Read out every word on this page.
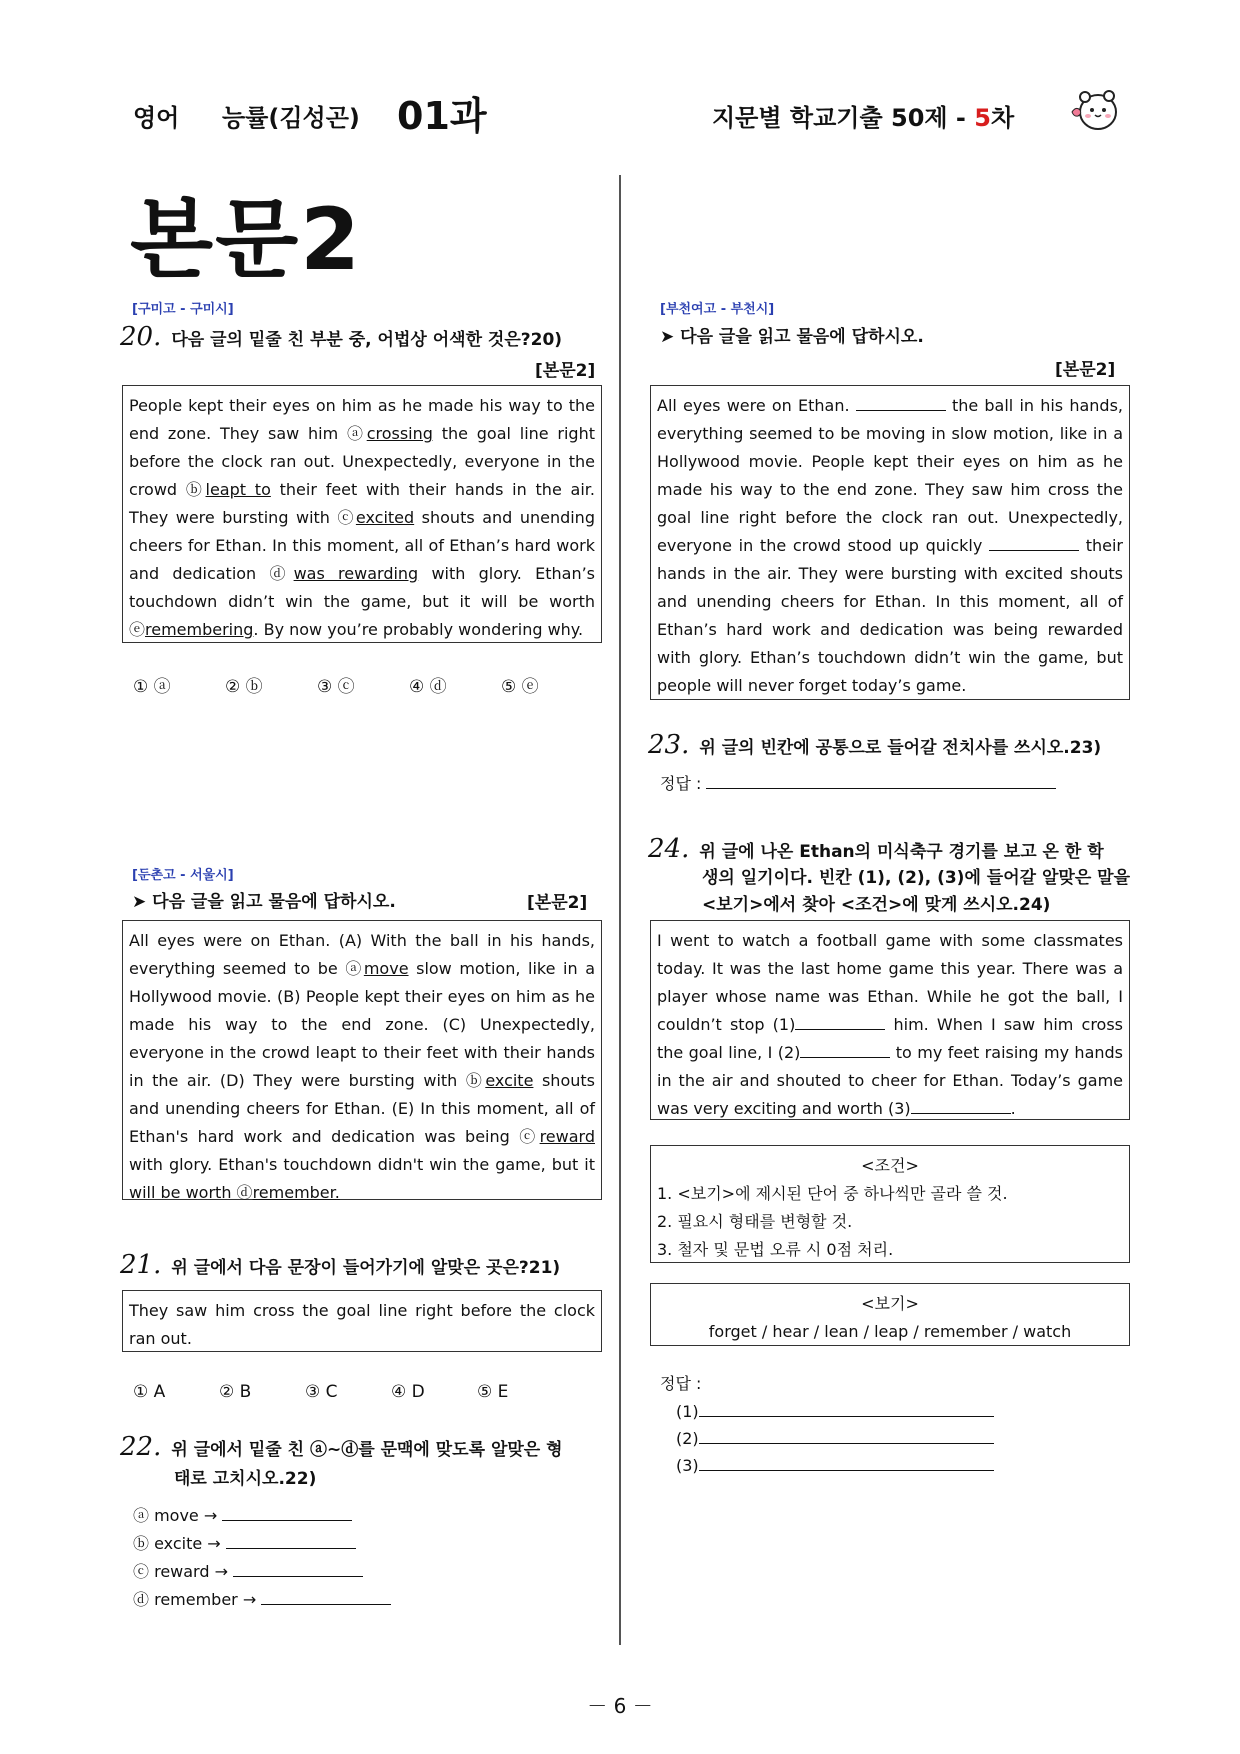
영어 능률(김성곤) 01과	지문별 학교기출 50제 - 5차
본문2
[구미고 - 구미시]
20. 다음 글의 밑줄 친 부분 중, 어법상 어색한 것은?20)
[본문2]
People kept their eyes on him as he made his way to the end zone. They saw him ⓐcrossing the goal line right before the clock ran out. Unexpectedly, everyone in the crowd ⓑleapt to their feet with their hands in the air. They were bursting with ⓒexcited shouts and unending cheers for Ethan. In this moment, all of Ethan’s hard work and dedication ⓓwas rewarding with glory. Ethan’s touchdown didn’t win the game, but it will be worth ⓔremembering. By now you’re probably wondering why.
① ⓐ	② ⓑ	③ ⓒ	④ ⓓ	⑤ ⓔ
[둔촌고 - 서울시]
➤ 다음 글을 읽고 물음에 답하시오.	[본문2]
All eyes were on Ethan. (A) With the ball in his hands, everything seemed to be ⓐmove slow motion, like in a Hollywood movie. (B) People kept their eyes on him as he made his way to the end zone. (C) Unexpectedly, everyone in the crowd leapt to their feet with their hands in the air. (D) They were bursting with ⓑexcite shouts and unending cheers for Ethan. (E) In this moment, all of Ethan's hard work and dedication was being ⓒreward with glory. Ethan's touchdown didn't win the game, but it will be worth ⓓremember.
21. 위 글에서 다음 문장이 들어가기에 알맞은 곳은?21)
They saw him cross the goal line right before the clock ran out.
① A	② B	③ C	④ D	⑤ E
22. 위 글에서 밑줄 친 ⓐ~ⓓ를 문맥에 맞도록 알맞은 형
태로 고치시오.22)
ⓐ move →
ⓑ excite →
ⓒ reward →
ⓓ remember →
[부천여고 - 부천시]
➤ 다음 글을 읽고 물음에 답하시오.
[본문2]
All eyes were on Ethan.	the ball in his hands, everything seemed to be moving in slow motion, like in a Hollywood movie. People kept their eyes on him as he made his way to the end zone. They saw him cross the goal line right before the clock ran out. Unexpectedly, everyone in the crowd stood up quickly	their hands in the air. They were bursting with excited shouts and unending cheers for Ethan. In this moment, all of Ethan’s hard work and dedication was being rewarded with glory. Ethan’s touchdown didn’t win the game, but people will never forget today’s game.
23. 위 글의 빈칸에 공통으로 들어갈 전치사를 쓰시오.23)
정답 :
24. 위 글에 나온 Ethan의 미식축구 경기를 보고 온 한 학
생의 일기이다. 빈칸 (1), (2), (3)에 들어갈 알맞은 말을
<보기>에서 찾아 <조건>에 맞게 쓰시오.24)
I went to watch a football game with some classmates today. It was the last home game this year. There was a player whose name was Ethan. While he got the ball, I couldn’t stop (1)	him. When I saw him cross the goal line, I (2)	to my feet raising my hands in the air and shouted to cheer for Ethan. Today’s game was very exciting and worth (3)	.
<조건>
1. <보기>에 제시된 단어 중 하나씩만 골라 쓸 것.
2. 필요시 형태를 변형할 것.
3. 철자 및 문법 오류 시 0점 처리.
<보기>
forget / hear / lean / leap / remember / watch
정답 :
(1)
(2)
(3)
－ 6 －
